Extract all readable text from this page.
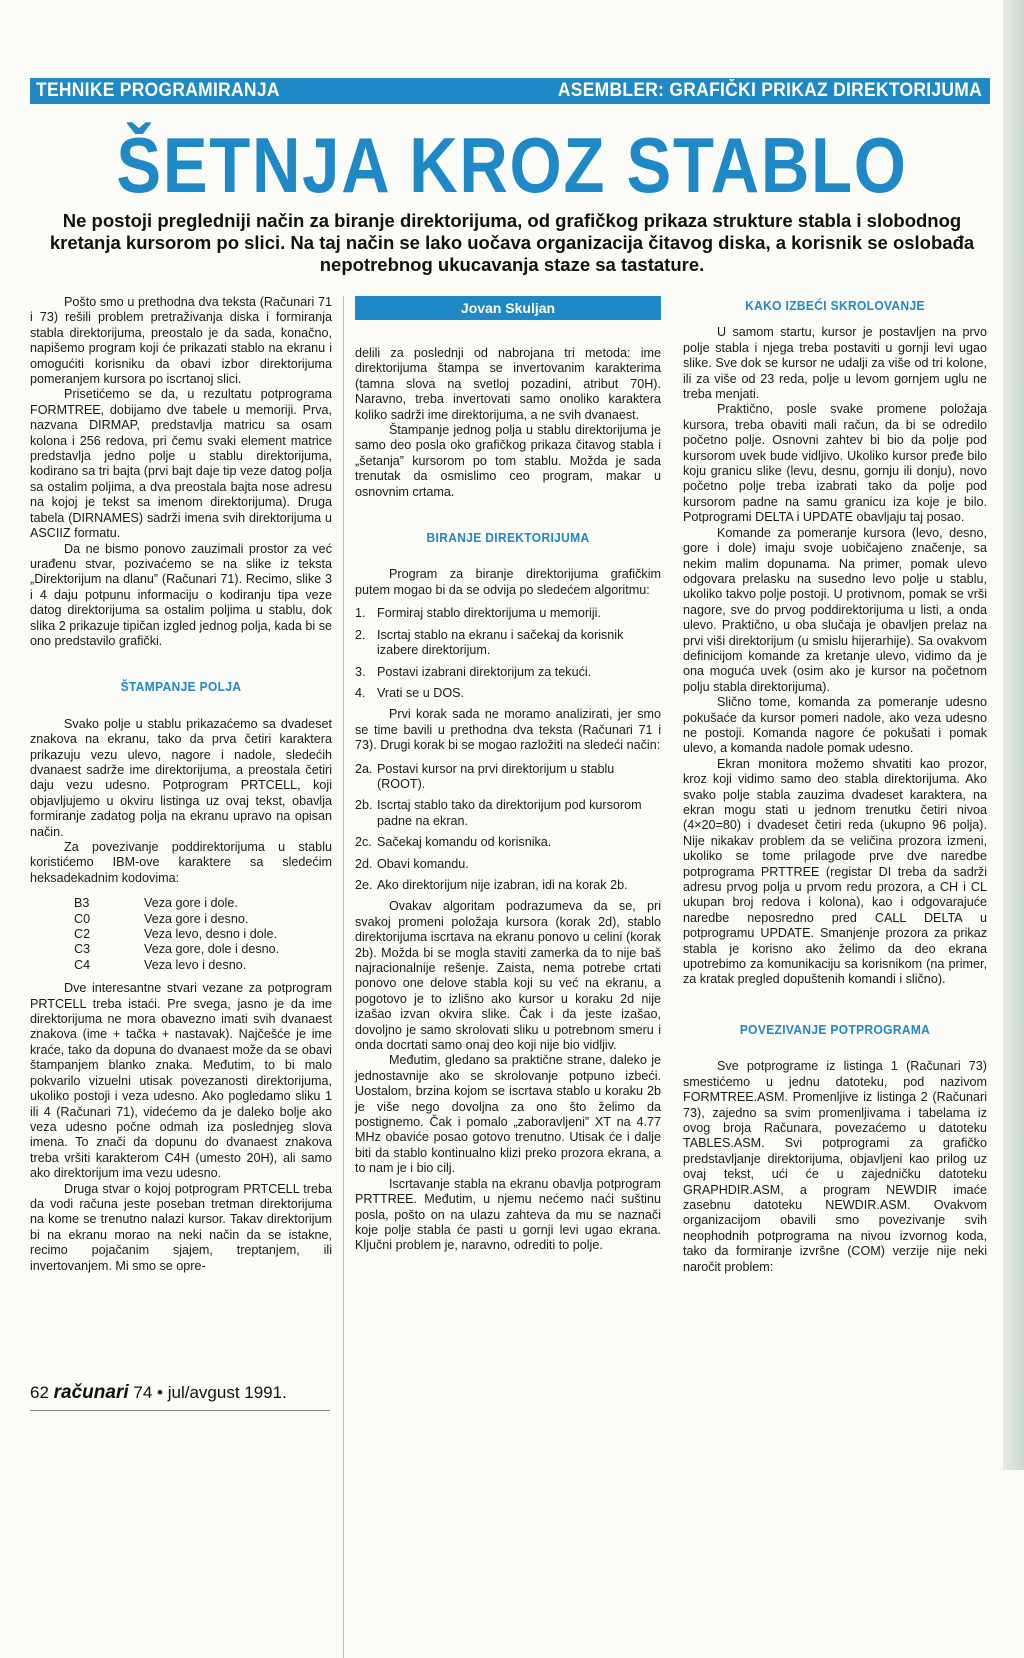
TEHNIKE PROGRAMIRANJA	ASEMBLER: GRAFIČKI PRIKAZ DIREKTORIJUMA
ŠETNJA KROZ STABLO
Ne postoji pregledniji način za biranje direktorijuma, od grafičkog prikaza strukture stabla i slobodnog kretanja kursorom po slici. Na taj način se lako uočava organizacija čitavog diska, a korisnik se oslobađa nepotrebnog ukucavanja staze sa tastature.

Pošto smo u prethodna dva teksta (Računari 71 i 73) rešili problem pretraživanja diska i formiranja stabla direktorijuma, preostalo je da sada, konačno, napišemo program koji će prikazati stablo na ekranu i omogućiti korisniku da obavi izbor direktorijuma pomeranjem kursora po iscrtanoj slici.

Prisetićemo se da, u rezultatu potprograma FORMTREE, dobijamo dve tabele u memoriji. Prva, nazvana DIRMAP, predstavlja matricu sa osam kolona i 256 redova, pri čemu svaki element matrice predstavlja jedno polje u stablu direktorijuma, kodirano sa tri bajta (prvi bajt daje tip veze datog polja sa ostalim poljima, a dva preostala bajta nose adresu na kojoj je tekst sa imenom direktorijuma). Druga tabela (DIRNAMES) sadrži imena svih direktorijuma u ASCIIZ formatu.

Da ne bismo ponovo zauzimali prostor za već urađenu stvar, pozivaćemo se na slike iz teksta „Direktorijum na dlanu” (Računari 71). Recimo, slike 3 i 4 daju potpunu informaciju o kodiranju tipa veze datog direktorijuma sa ostalim poljima u stablu, dok slika 2 prikazuje tipičan izgled jednog polja, kada bi se ono predstavilo grafički.

ŠTAMPANJE POLJA

Svako polje u stablu prikazaćemo sa dvadeset znakova na ekranu, tako da prva četiri karaktera prikazuju vezu ulevo, nagore i nadole, sledećih dvanaest sadrže ime direktorijuma, a preostala četiri daju vezu udesno. Potprogram PRTCELL, koji objavljujemo u okviru listinga uz ovaj tekst, obavlja formiranje zadatog polja na ekranu upravo na opisan način.

Za povezivanje poddirektorijuma u stablu koristićemo IBM-ove karaktere sa sledećim heksadekadnim kodovima:

B3	Veza gore i dole.
C0	Veza gore i desno.
C2	Veza levo, desno i dole.
C3	Veza gore, dole i desno.
C4	Veza levo i desno.

Dve interesantne stvari vezane za potprogram PRTCELL treba istaći. Pre svega, jasno je da ime direktorijuma ne mora obavezno imati svih dvanaest znakova (ime + tačka + nastavak). Najčešće je ime kraće, tako da dopuna do dvanaest može da se obavi štampanjem blanko znaka. Međutim, to bi malo pokvarilo vizuelni utisak povezanosti direktorijuma, ukoliko postoji i veza udesno. Ako pogledamo sliku 1 ili 4 (Računari 71), videćemo da je daleko bolje ako veza udesno počne odmah iza poslednjeg slova imena. To znači da dopunu do dvanaest znakova treba vršiti karakterom C4H (umesto 20H), ali samo ako direktorijum ima vezu udesno.

Druga stvar o kojoj potprogram PRTCELL treba da vodi računa jeste poseban tretman direktorijuma na kome se trenutno nalazi kursor. Takav direktorijum bi na ekranu morao na neki način da se istakne, recimo pojačanim sjajem, treptanjem, ili invertovanjem. Mi smo se opre-

Jovan Skuljan

delili za poslednji od nabrojana tri metoda: ime direktorijuma štampa se invertovanim karakterima (tamna slova na svetloj pozadini, atribut 70H). Naravno, treba invertovati samo onoliko karaktera koliko sadrži ime direktorijuma, a ne svih dvanaest.

Štampanje jednog polja u stablu direktorijuma je samo deo posla oko grafičkog prikaza čitavog stabla i „šetanja” kursorom po tom stablu. Možda je sada trenutak da osmislimo ceo program, makar u osnovnim crtama.

BIRANJE DIREKTORIJUMA

Program za biranje direktorijuma grafičkim putem mogao bi da se odvija po sledećem algoritmu:

1. Formiraj stablo direktorijuma u memoriji.
2. Iscrtaj stablo na ekranu i sačekaj da korisnik izabere direktorijum.
3. Postavi izabrani direktorijum za tekući.
4. Vrati se u DOS.

Prvi korak sada ne moramo analizirati, jer smo se time bavili u prethodna dva teksta (Računari 71 i 73). Drugi korak bi se mogao razložiti na sledeći način:

2a. Postavi kursor na prvi direktorijum u stablu (ROOT).
2b. Iscrtaj stablo tako da direktorijum pod kursorom padne na ekran.
2c. Sačekaj komandu od korisnika.
2d. Obavi komandu.
2e. Ako direktorijum nije izabran, idi na korak 2b.

Ovakav algoritam podrazumeva da se, pri svakoj promeni položaja kursora (korak 2d), stablo direktorijuma iscrtava na ekranu ponovo u celini (korak 2b). Možda bi se mogla staviti zamerka da to nije baš najracionalnije rešenje. Zaista, nema potrebe crtati ponovo one delove stabla koji su već na ekranu, a pogotovo je to izlišno ako kursor u koraku 2d nije izašao izvan okvira slike. Čak i da jeste izašao, dovoljno je samo skrolovati sliku u potrebnom smeru i ondа docrtati samo onaj deo koji nije bio vidljiv.

Međutim, gledano sa praktične strane, daleko je jednostavnije ako se skrolovanje potpuno izbeći. Uostalom, brzina kojom se iscrtava stablo u koraku 2b je više nego dovoljna za ono što želimo da postignemo. Čak i pomalo „zaboravljeni” XT na 4.77 MHz obaviće posao gotovo trenutno. Utisak će i dalje biti da stablo kontinualno klizi preko prozora ekrana, a to nam je i bio cilj.

Iscrtavanje stabla na ekranu obavlja potprogram PRTTREE. Međutim, u njemu nećemo naći suštinu posla, pošto on na ulazu zahteva da mu se naznači koje polje stabla će pasti u gornji levi ugao ekrana. Ključni problem je, naravno, odrediti to polje.

KAKO IZBEĆI SKROLOVANJE

U samom startu, kursor je postavljen na prvo polje stabla i njega treba postaviti u gornji levi ugao slike. Sve dok se kursor ne udalji za više od tri kolone, ili za više od 23 reda, polje u levom gornjem uglu ne treba menjati.

Praktično, posle svake promene položaja kursora, treba obaviti mali račun, da bi se odredilo početno polje. Osnovni zahtev bi bio da polje pod kursorom uvek bude vidljivo. Ukoliko kursor pređe bilo koju granicu slike (levu, desnu, gornju ili donju), novo početno polje treba izabrati tako da polje pod kursorom padne na samu granicu iza koje je bilo. Potprogrami DELTA i UPDATE obavljaju taj posao.

Komande za pomeranje kursora (levo, desno, gore i dole) imaju svoje uobičajeno značenje, sa nekim malim dopunama. Na primer, pomak ulevo odgovara prelasku na susedno levo polje u stablu, ukoliko takvo polje postoji. U protivnom, pomak se vrši nagore, sve do prvog poddirektorijuma u listi, a onda ulevo. Praktično, u oba slučaja je obavljen prelaz na prvi viši direktorijum (u smislu hijerarhije). Sa ovakvom definicijom komande za kretanje ulevo, vidimo da je ona moguća uvek (osim ako je kursor na početnom polju stabla direktorijuma).

Slično tome, komanda za pomeranje udesno pokušaće da kursor pomeri nadole, ako veza udesno ne postoji. Komanda nagore će pokušati i pomak ulevo, a komanda nadole pomak udesno.

Ekran monitora možemo shvatiti kao prozor, kroz koji vidimo samo deo stabla direktorijuma. Ako svako polje stabla zauzima dvadeset karaktera, na ekran mogu stati u jednom trenutku četiri nivoa (4×20=80) i dvadeset četiri reda (ukupno 96 polja). Nije nikakav problem da se veličina prozora izmeni, ukoliko se tome prilagode prve dve naredbe potprograma PRTTREE (registar DI treba da sadrži adresu prvog polja u prvom redu prozora, a CH i CL ukupan broj redova i kolona), kao i odgovarajuće naredbe neposredno pred CALL DELTA u potprogramu UPDATE. Smanjenje prozora za prikaz stabla je korisno ako želimo da deo ekrana upotrebimo za komunikaciju sa korisnikom (na primer, za kratak pregled dopuštenih komandi i slično).

POVEZIVANJE POTPROGRAMA

Sve potprograme iz listinga 1 (Računari 73) smestićemo u jednu datoteku, pod nazivom FORMTREE.ASM. Promenljive iz listinga 2 (Računari 73), zajedno sa svim promenljivama i tabelama iz ovog broja Računara, povezaćemo u datoteku TABLES.ASM. Svi potprogrami za grafičko predstavljanje direktorijuma, objavljeni kao prilog uz ovaj tekst, ući će u zajedničku datoteku GRAPHDIR.ASM, a program NEWDIR imaće zasebnu datoteku NEWDIR.ASM. Ovakvom organizacijom obavili smo povezivanje svih neophodnih potprograma na nivou izvornog koda, tako da formiranje izvršne (COM) verzije nije neki naročit problem:

62 računari 74 • jul/avgust 1991.
